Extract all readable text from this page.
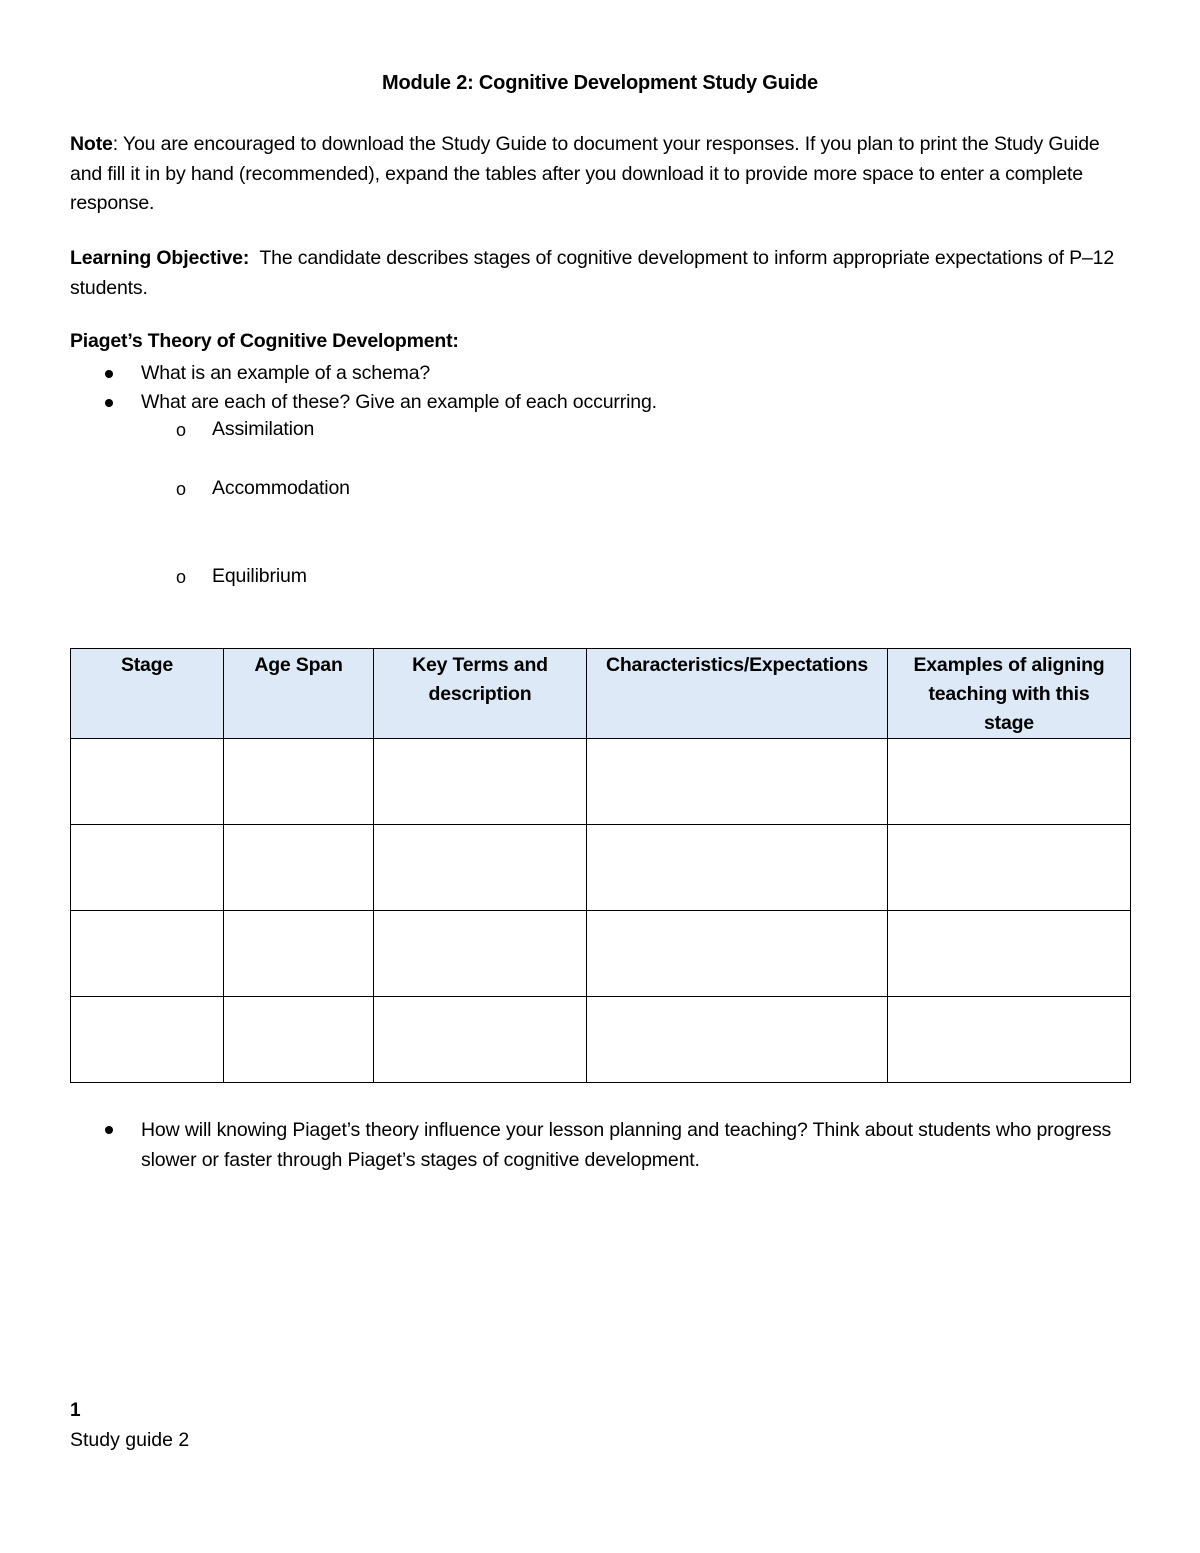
Module 2: Cognitive Development Study Guide
Note: You are encouraged to download the Study Guide to document your responses. If you plan to print the Study Guide and fill it in by hand (recommended), expand the tables after you download it to provide more space to enter a complete response.
Learning Objective:  The candidate describes stages of cognitive development to inform appropriate expectations of P–12 students.
Piaget’s Theory of Cognitive Development:
What is an example of a schema?
What are each of these? Give an example of each occurring.
o Assimilation
o Accommodation
o Equilibrium
Stage	Age Span	Key Terms and description	Characteristics/Expectations	Examples of aligning teaching with this stage

How will knowing Piaget’s theory influence your lesson planning and teaching? Think about students who progress slower or faster through Piaget’s stages of cognitive development.
1
Study guide 2
